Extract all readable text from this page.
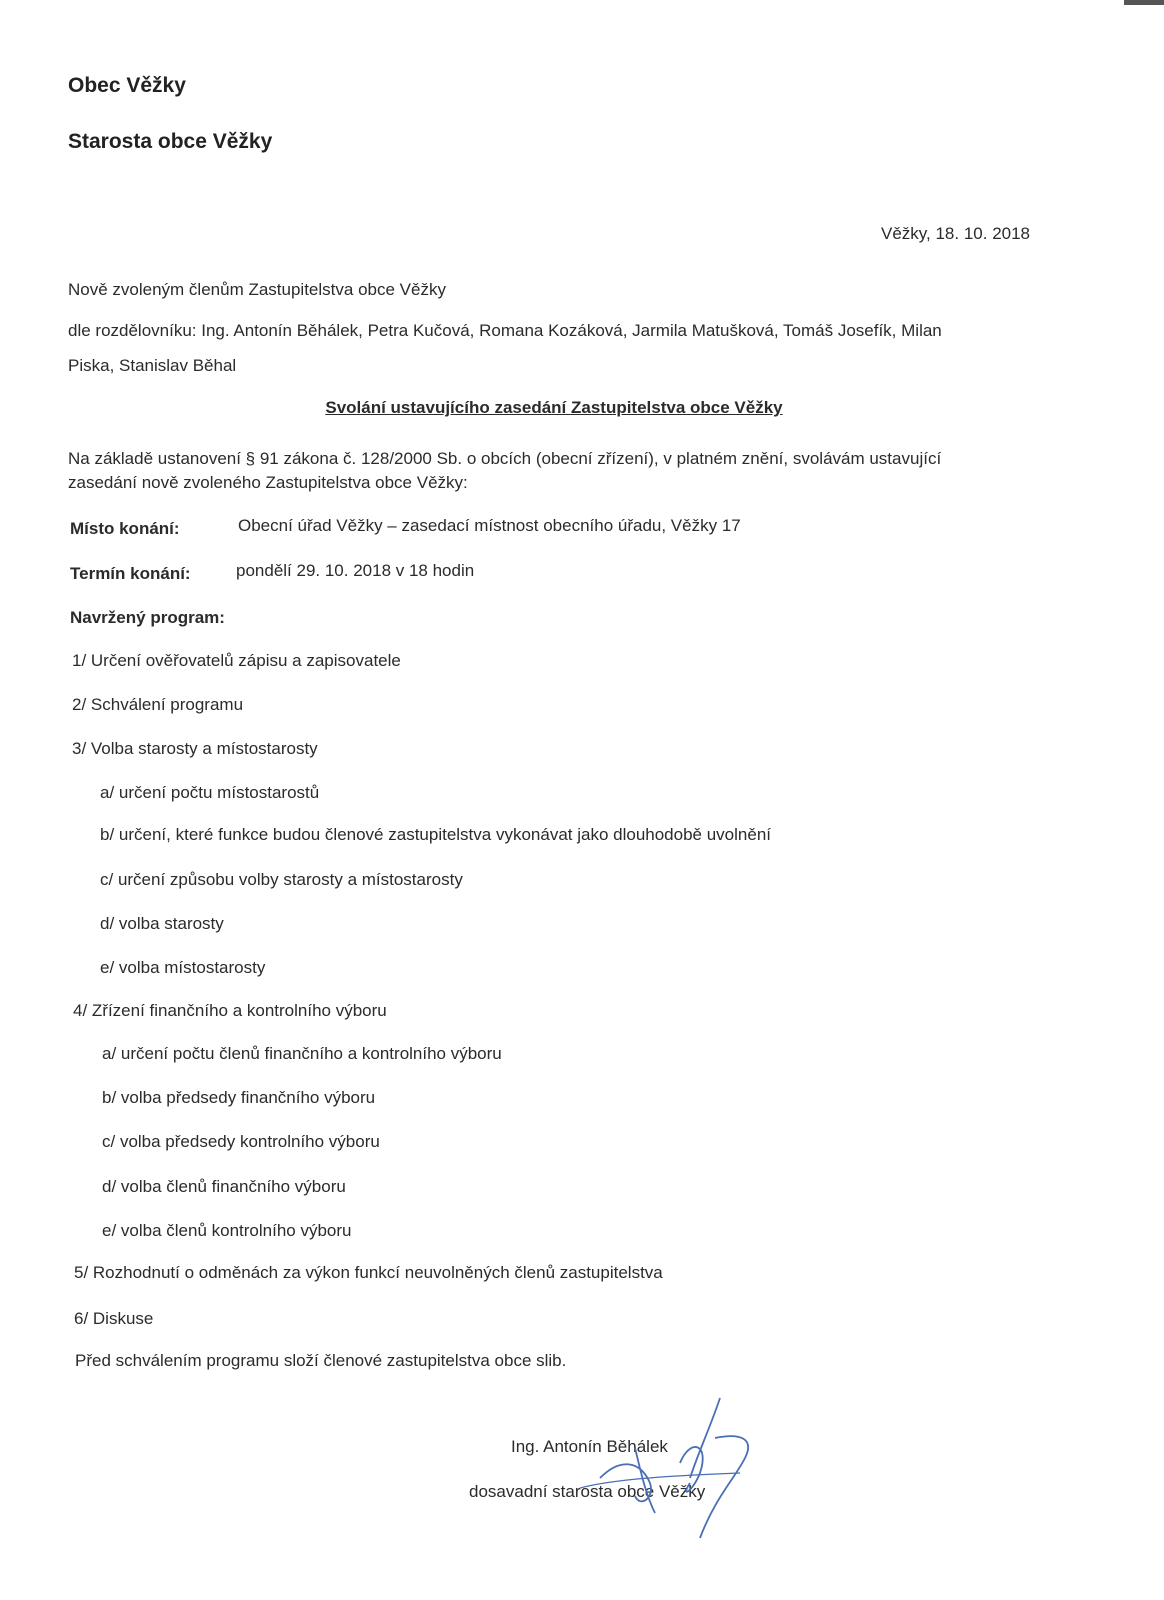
Obec Věžky
Starosta obce Věžky
Věžky, 18. 10. 2018
Nově zvoleným členům Zastupitelstva obce Věžky
dle rozdělovníku: Ing. Antonín Běhálek, Petra Kučová, Romana Kozáková, Jarmila Matušková, Tomáš Josefík, Milan
Piska, Stanislav Běhal
Svolání ustavujícího zasedání Zastupitelstva obce Věžky
Na základě ustanovení § 91 zákona č. 128/2000 Sb. o obcích (obecní zřízení), v platném znění, svolávám ustavující
zasedání nově zvoleného Zastupitelstva obce Věžky:
Místo konání:	Obecní úřad Věžky – zasedací místnost obecního úřadu, Věžky 17
Termín konání:	pondělí 29. 10. 2018 v 18 hodin
Navržený program:
1/ Určení ověřovatelů zápisu a zapisovatele
2/ Schválení programu
3/ Volba starosty a místostarosty
a/ určení počtu místostarostů
b/ určení, které funkce budou členové zastupitelstva vykonávat jako dlouhodobě uvolnění
c/ určení způsobu volby starosty a místostarosty
d/ volba starosty
e/ volba místostarosty
4/ Zřízení finančního a kontrolního výboru
a/ určení počtu členů finančního a kontrolního výboru
b/ volba předsedy finančního výboru
c/ volba předsedy kontrolního výboru
d/ volba členů finančního výboru
e/ volba členů kontrolního výboru
5/ Rozhodnutí o odměnách za výkon funkcí neuvolněných členů zastupitelstva
6/ Diskuse
Před schválením programu složí členové zastupitelstva obce slib.
Ing. Antonín Běhálek
dosavadní starosta obce Věžky
